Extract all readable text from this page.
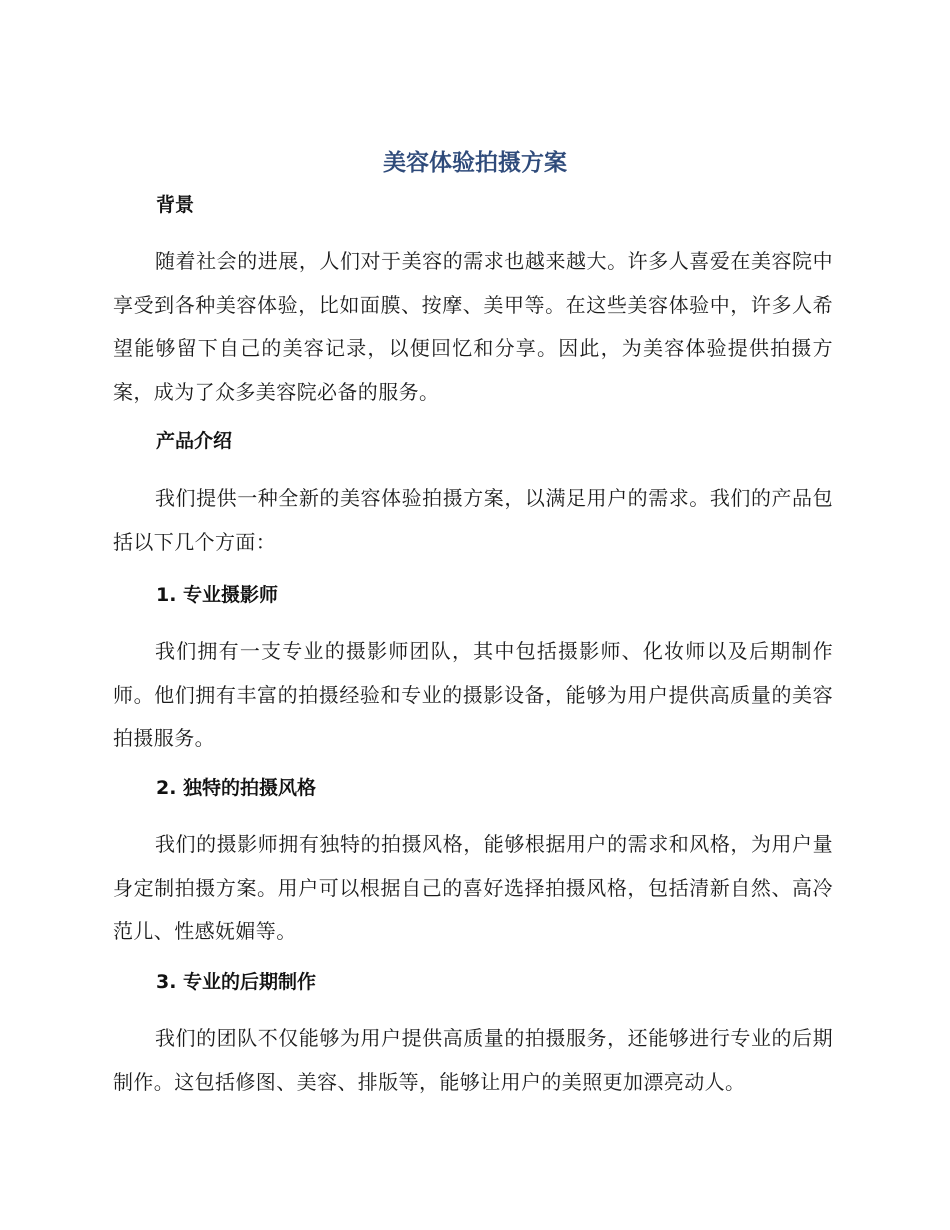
美容体验拍摄方案
背景

随着社会的进展，人们对于美容的需求也越来越大。许多人喜爱在美容院中享受到各种美容体验，比如面膜、按摩、美甲等。在这些美容体验中，许多人希望能够留下自己的美容记录，以便回忆和分享。因此，为美容体验提供拍摄方案，成为了众多美容院必备的服务。

产品介绍

我们提供一种全新的美容体验拍摄方案，以满足用户的需求。我们的产品包括以下几个方面：

1. 专业摄影师

我们拥有一支专业的摄影师团队，其中包括摄影师、化妆师以及后期制作师。他们拥有丰富的拍摄经验和专业的摄影设备，能够为用户提供高质量的美容拍摄服务。

2. 独特的拍摄风格

我们的摄影师拥有独特的拍摄风格，能够根据用户的需求和风格，为用户量身定制拍摄方案。用户可以根据自己的喜好选择拍摄风格，包括清新自然、高冷范儿、性感妩媚等。

3. 专业的后期制作

我们的团队不仅能够为用户提供高质量的拍摄服务，还能够进行专业的后期制作。这包括修图、美容、排版等，能够让用户的美照更加漂亮动人。
